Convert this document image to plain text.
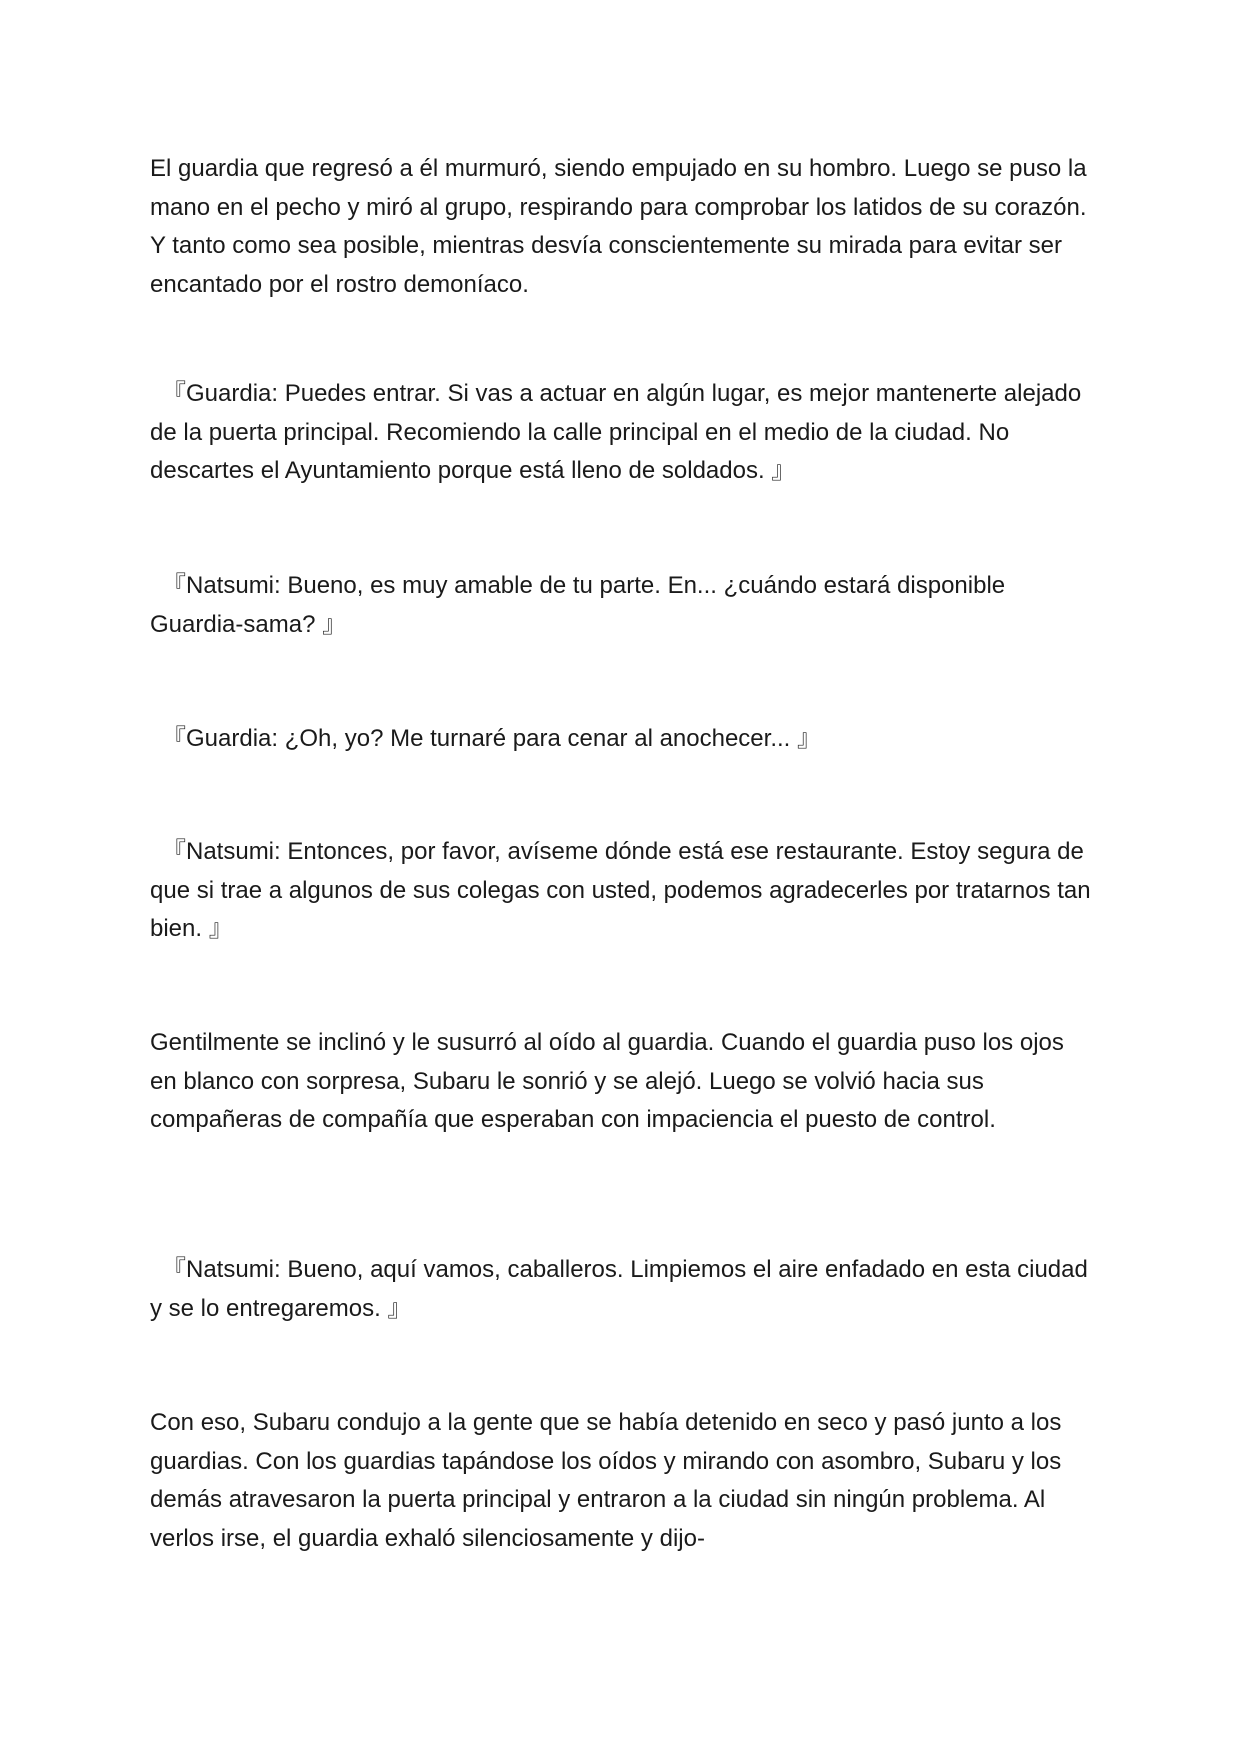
El guardia que regresó a él murmuró, siendo empujado en su hombro. Luego se puso la mano en el pecho y miró al grupo, respirando para comprobar los latidos de su corazón. Y tanto como sea posible, mientras desvía conscientemente su mirada para evitar ser encantado por el rostro demoníaco.

『Guardia: Puedes entrar. Si vas a actuar en algún lugar, es mejor mantenerte alejado de la puerta principal. Recomiendo la calle principal en el medio de la ciudad. No descartes el Ayuntamiento porque está lleno de soldados. 』

『Natsumi: Bueno, es muy amable de tu parte. En... ¿cuándo estará disponible Guardia-sama? 』

『Guardia: ¿Oh, yo? Me turnaré para cenar al anochecer... 』

『Natsumi: Entonces, por favor, avíseme dónde está ese restaurante. Estoy segura de que si trae a algunos de sus colegas con usted, podemos agradecerles por tratarnos tan bien. 』

Gentilmente se inclinó y le susurró al oído al guardia. Cuando el guardia puso los ojos en blanco con sorpresa, Subaru le sonrió y se alejó. Luego se volvió hacia sus compañeras de compañía que esperaban con impaciencia el puesto de control.

『Natsumi: Bueno, aquí vamos, caballeros. Limpiemos el aire enfadado en esta ciudad y se lo entregaremos. 』

Con eso, Subaru condujo a la gente que se había detenido en seco y pasó junto a los guardias. Con los guardias tapándose los oídos y mirando con asombro, Subaru y los demás atravesaron la puerta principal y entraron a la ciudad sin ningún problema. Al verlos irse, el guardia exhaló silenciosamente y dijo-
